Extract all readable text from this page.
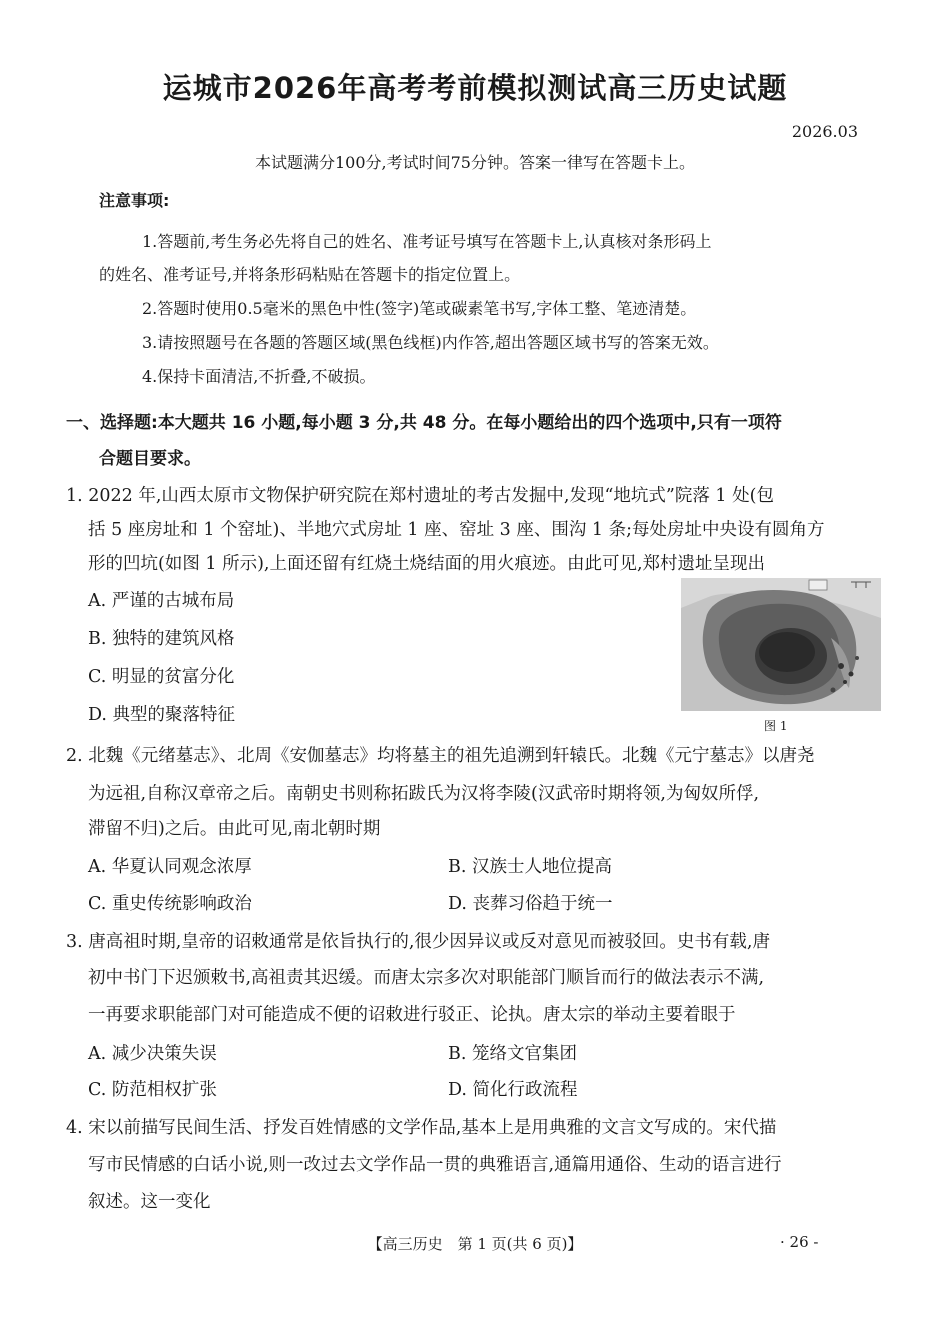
运城市2026年高考考前模拟测试高三历史试题
2026.03
本试题满分100分,考试时间75分钟。答案一律写在答题卡上。
注意事项:
1.答题前,考生务必先将自己的姓名、准考证号填写在答题卡上,认真核对条形码上
的姓名、准考证号,并将条形码粘贴在答题卡的指定位置上。
2.答题时使用0.5毫米的黑色中性(签字)笔或碳素笔书写,字体工整、笔迹清楚。
3.请按照题号在各题的答题区域(黑色线框)内作答,超出答题区域书写的答案无效。
4.保持卡面清洁,不折叠,不破损。
一、选择题:本大题共 16 小题,每小题 3 分,共 48 分。在每小题给出的四个选项中,只有一项符
合题目要求。
1. 2022 年,山西太原市文物保护研究院在郑村遗址的考古发掘中,发现“地坑式”院落 1 处(包
括 5 座房址和 1 个窑址)、半地穴式房址 1 座、窑址 3 座、围沟 1 条;每处房址中央设有圆角方
形的凹坑(如图 1 所示),上面还留有红烧土烧结面的用火痕迹。由此可见,郑村遗址呈现出
A. 严谨的古城布局
B. 独特的建筑风格
C. 明显的贫富分化
D. 典型的聚落特征
图 1
2. 北魏《元绪墓志》、北周《安伽墓志》均将墓主的祖先追溯到轩辕氏。北魏《元宁墓志》以唐尧
为远祖,自称汉章帝之后。南朝史书则称拓跋氏为汉将李陵(汉武帝时期将领,为匈奴所俘,
滞留不归)之后。由此可见,南北朝时期
A. 华夏认同观念浓厚	B. 汉族士人地位提高
C. 重史传统影响政治	D. 丧葬习俗趋于统一
3. 唐高祖时期,皇帝的诏敕通常是依旨执行的,很少因异议或反对意见而被驳回。史书有载,唐
初中书门下迟颁敕书,高祖责其迟缓。而唐太宗多次对职能部门顺旨而行的做法表示不满,
一再要求职能部门对可能造成不便的诏敕进行驳正、论执。唐太宗的举动主要着眼于
A. 减少决策失误	B. 笼络文官集团
C. 防范相权扩张	D. 简化行政流程
4. 宋以前描写民间生活、抒发百姓情感的文学作品,基本上是用典雅的文言文写成的。宋代描
写市民情感的白话小说,则一改过去文学作品一贯的典雅语言,通篇用通俗、生动的语言进行
叙述。这一变化
【高三历史　第 1 页(共 6 页)】	· 26 -
